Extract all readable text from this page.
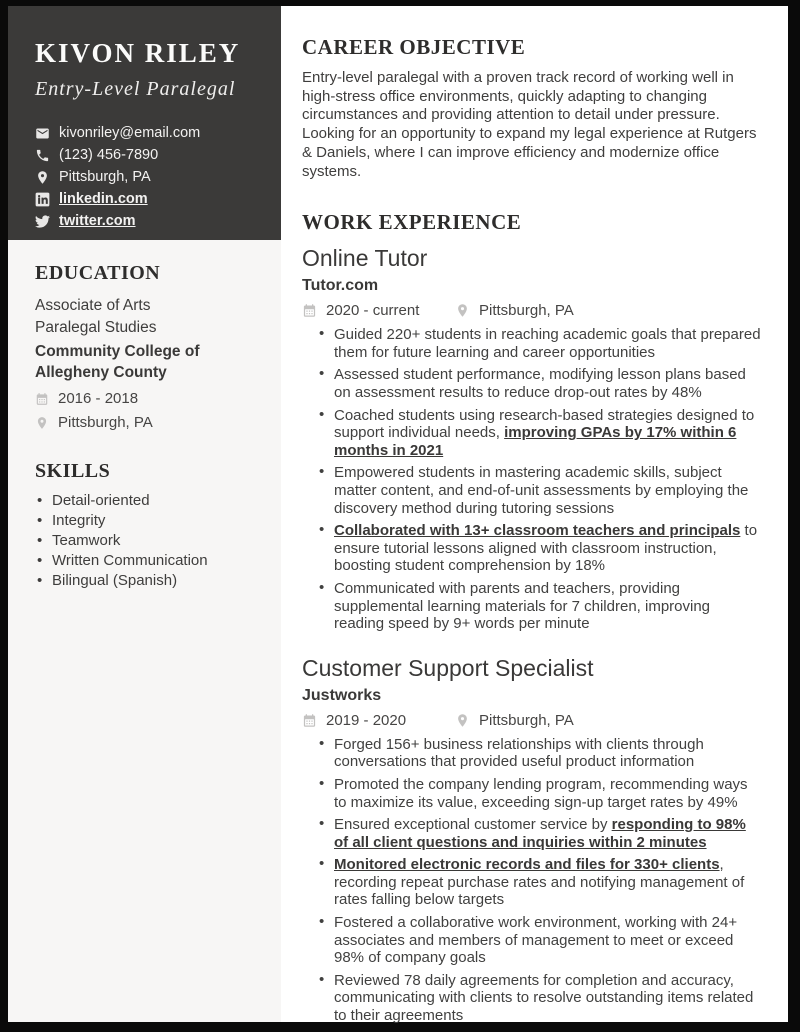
KIVON RILEY
Entry-Level Paralegal
kivonriley@email.com
(123) 456-7890
Pittsburgh, PA
linkedin.com
twitter.com
EDUCATION
Associate of Arts
Paralegal Studies
Community College of Allegheny County
2016 - 2018
Pittsburgh, PA
SKILLS
• Detail-oriented
• Integrity
• Teamwork
• Written Communication
• Bilingual (Spanish)
CAREER OBJECTIVE

Entry-level paralegal with a proven track record of working well in high-stress office environments, quickly adapting to changing circumstances and providing attention to detail under pressure. Looking for an opportunity to expand my legal experience at Rutgers & Daniels, where I can improve efficiency and modernize office systems.

WORK EXPERIENCE
Online Tutor
Tutor.com
2020 - current	Pittsburgh, PA
• Guided 220+ students in reaching academic goals that prepared them for future learning and career opportunities
• Assessed student performance, modifying lesson plans based on assessment results to reduce drop-out rates by 48%
• Coached students using research-based strategies designed to support individual needs, improving GPAs by 17% within 6 months in 2021
• Empowered students in mastering academic skills, subject matter content, and end-of-unit assessments by employing the discovery method during tutoring sessions
• Collaborated with 13+ classroom teachers and principals to ensure tutorial lessons aligned with classroom instruction, boosting student comprehension by 18%
• Communicated with parents and teachers, providing supplemental learning materials for 7 children, improving reading speed by 9+ words per minute
Customer Support Specialist
Justworks
2019 - 2020	Pittsburgh, PA
• Forged 156+ business relationships with clients through conversations that provided useful product information
• Promoted the company lending program, recommending ways to maximize its value, exceeding sign-up target rates by 49%
• Ensured exceptional customer service by responding to 98% of all client questions and inquiries within 2 minutes
• Monitored electronic records and files for 330+ clients, recording repeat purchase rates and notifying management of rates falling below targets
• Fostered a collaborative work environment, working with 24+ associates and members of management to meet or exceed 98% of company goals
• Reviewed 78 daily agreements for completion and accuracy, communicating with clients to resolve outstanding items related to their agreements
